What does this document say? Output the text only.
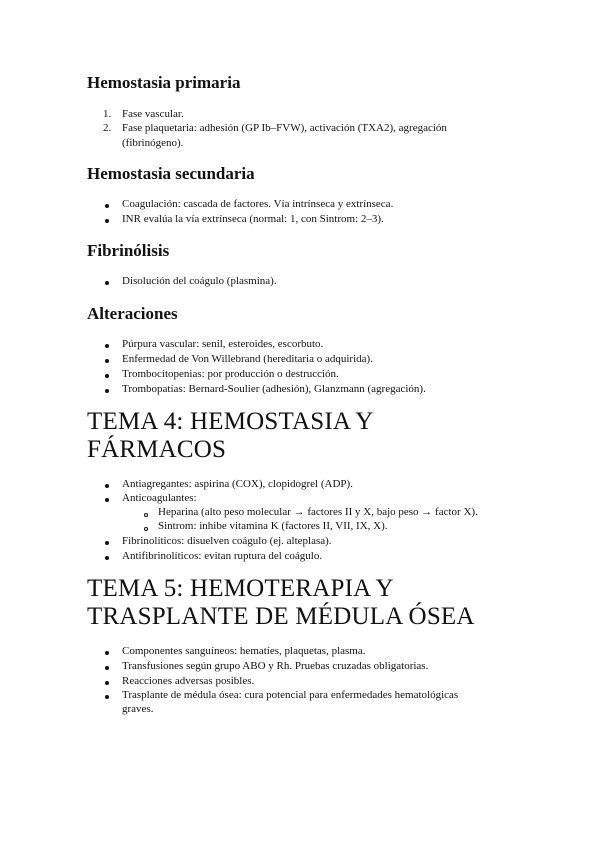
Hemostasia primaria
1. Fase vascular.

2. Fase plaquetaria: adhesión (GP Ib–FVW), activación (TXA2), agregación

(fibrinógeno).

Hemostasia secundaria

Coagulación: cascada de factores. Vía intrínseca y extrínseca.

INR evalúa la vía extrínseca (normal: 1, con Sintrom: 2–3).

Fibrinólisis

Disolución del coágulo (plasmina).

Alteraciones

Púrpura vascular: senil, esteroides, escorbuto.

Enfermedad de Von Willebrand (hereditaria o adquirida).

Trombocitopenias: por producción o destrucción.

Trombopatías: Bernard-Soulier (adhesión), Glanzmann (agregación).

TEMA 4: HEMOSTASIA Y
FÁRMACOS

Antiagregantes: aspirina (COX), clopidogrel (ADP).

Anticoagulantes:

Heparina (alto peso molecular → factores II y X, bajo peso → factor X).

Sintrom: inhibe vitamina K (factores II, VII, IX, X).

Fibrinolíticos: disuelven coágulo (ej. alteplasa).

Antifibrinolíticos: evitan ruptura del coágulo.

TEMA 5: HEMOTERAPIA Y
TRASPLANTE DE MÉDULA ÓSEA

Componentes sanguíneos: hematíes, plaquetas, plasma.

Transfusiones según grupo ABO y Rh. Pruebas cruzadas obligatorias.

Reacciones adversas posibles.

Trasplante de médula ósea: cura potencial para enfermedades hematológicas

graves.
